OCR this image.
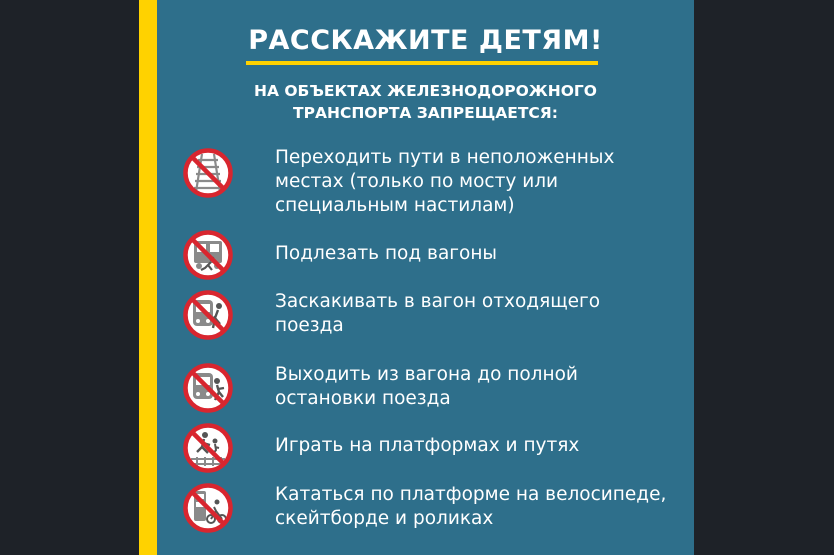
РАССКАЖИТЕ ДЕТЯМ!
НА ОБЪЕКТАХ ЖЕЛЕЗНОДОРОЖНОГО
ТРАНСПОРТА ЗАПРЕЩАЕТСЯ:
Переходить пути в неположенных
местах (только по мосту или
специальным настилам)
Подлезать под вагоны
Заскакивать в вагон отходящего
поезда
Выходить из вагона до полной
остановки поезда
Играть на платформах и путях
Кататься по платформе на велосипеде,
скейтборде и роликах
